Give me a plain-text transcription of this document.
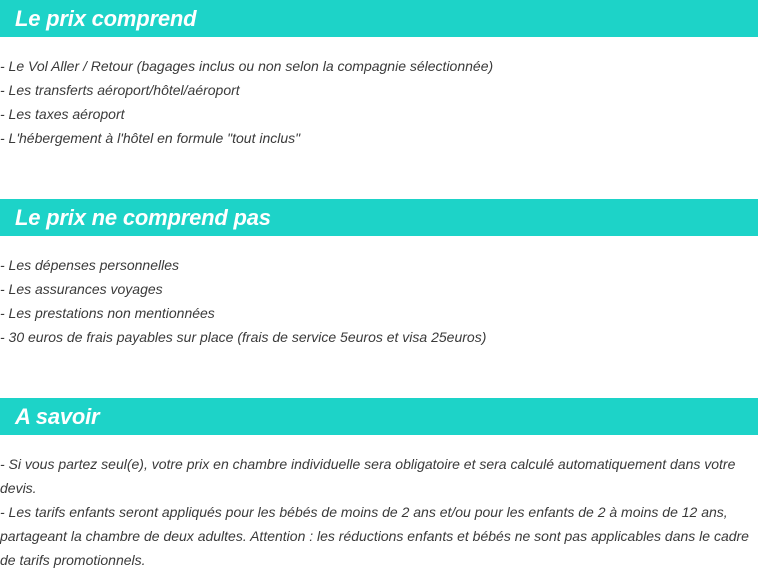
Le prix comprend

- Le Vol Aller / Retour (bagages inclus ou non selon la compagnie sélectionnée)

- Les transferts aéroport/hôtel/aéroport

- Les taxes aéroport

- L'hébergement à l'hôtel en formule "tout inclus"

Le prix ne comprend pas

- Les dépenses personnelles

- Les assurances voyages

- Les prestations non mentionnées

- 30 euros de frais payables sur place (frais de service 5euros et visa 25euros)

A savoir

- Si vous partez seul(e), votre prix en chambre individuelle sera obligatoire et sera calculé automatiquement dans votre devis.

- Les tarifs enfants seront appliqués pour les bébés de moins de 2 ans et/ou pour les enfants de 2 à moins de 12 ans, partageant la chambre de deux adultes. Attention : les réductions enfants et bébés ne sont pas applicables dans le cadre de tarifs promotionnels.
